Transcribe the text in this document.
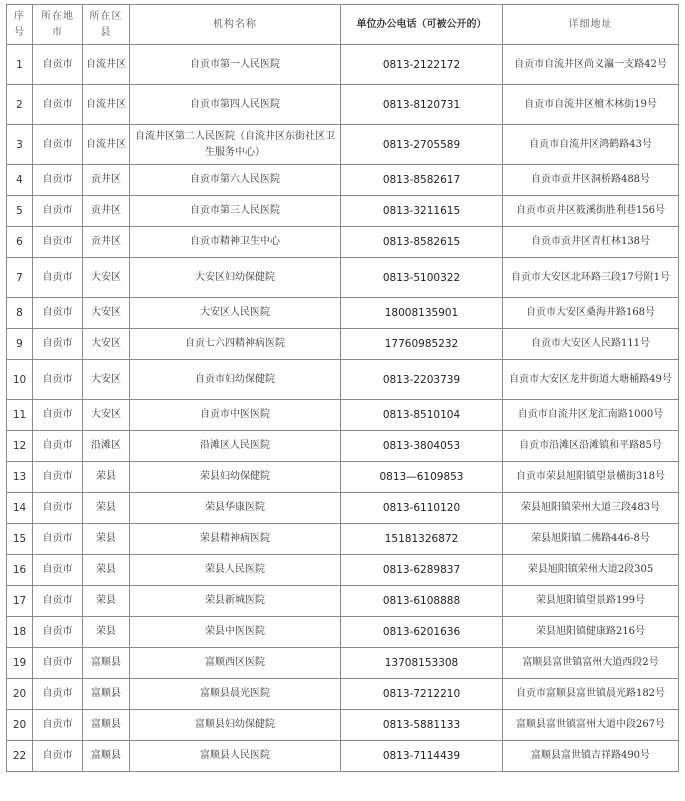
序号	所在地市	所在区县	机构名称	单位办公电话（可被公开的）	详细地址
1	自贡市	自流井区	自贡市第一人民医院	0813-2122172	自贡市自流井区尚义瀛一支路42号
2	自贡市	自流井区	自贡市第四人民医院	0813-8120731	自贡市自流井区檀木林街19号
3	自贡市	自流井区	自流井区第二人民医院（自流井区东街社区卫生服务中心）	0813-2705589	自贡市自流井区鸿鹤路43号
4	自贡市	贡井区	自贡市第六人民医院	0813-8582617	自贡市贡井区洞桥路488号
5	自贡市	贡井区	自贡市第三人民医院	0813-3211615	自贡市贡井区筱溪街胜利巷156号
6	自贡市	贡井区	自贡市精神卫生中心	0813-8582615	自贡市贡井区青杠林138号
7	自贡市	大安区	大安区妇幼保健院	0813-5100322	自贡市大安区北环路三段17号附1号
8	自贡市	大安区	大安区人民医院	18008135901	自贡市大安区桑海井路168号
9	自贡市	大安区	自贡七六四精神病医院	17760985232	自贡市大安区人民路111号
10	自贡市	大安区	自贡市妇幼保健院	0813-2203739	自贡市大安区龙井街道大塘桶路49号
11	自贡市	大安区	自贡市中医医院	0813-8510104	自贡市自流井区龙汇南路1000号
12	自贡市	沿滩区	沿滩区人民医院	0813-3804053	自贡市沿滩区沿滩镇和平路85号
13	自贡市	荣县	荣县妇幼保健院	0813—6109853	自贡市荣县旭阳镇望景横街318号
14	自贡市	荣县	荣县华康医院	0813-6110120	荣县旭阳镇荣州大道三段483号
15	自贡市	荣县	荣县精神病医院	15181326872	荣县旭阳镇二佛路446-8号
16	自贡市	荣县	荣县人民医院	0813-6289837	荣县旭阳镇荣州大道2段305
17	自贡市	荣县	荣县新城医院	0813-6108888	荣县旭阳镇望景路199号
18	自贡市	荣县	荣县中医医院	0813-6201636	荣县旭阳镇健康路216号
19	自贡市	富顺县	富顺西区医院	13708153308	富顺县富世镇富州大道西段2号
20	自贡市	富顺县	富顺县晨光医院	0813-7212210	自贡市富顺县富世镇晨光路182号
20	自贡市	富顺县	富顺县妇幼保健院	0813-5881133	富顺县富世镇富州大道中段267号
22	自贡市	富顺县	富顺县人民医院	0813-7114439	富顺县富世镇吉祥路490号
